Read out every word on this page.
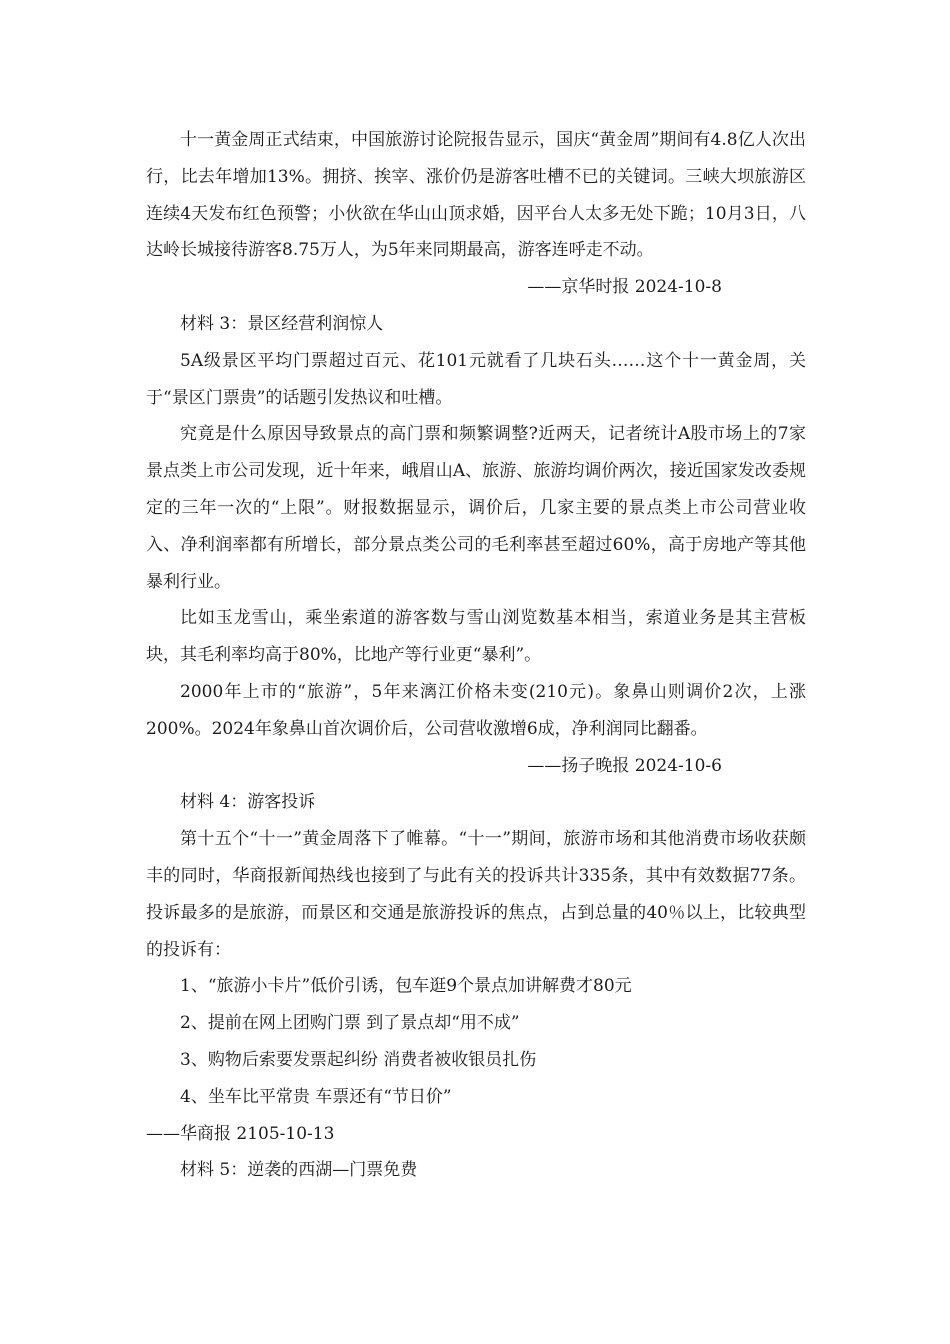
十一黄金周正式结束，中国旅游讨论院报告显示，国庆“黄金周”期间有4.8亿人次出行，比去年增加13%。拥挤、挨宰、涨价仍是游客吐槽不已的关键词。三峡大坝旅游区连续4天发布红色预警；小伙欲在华山山顶求婚，因平台人太多无处下跪；10月3日，八达岭长城接待游客8.75万人，为5年来同期最高，游客连呼走不动。

——京华时报 2024-10-8

材料 3：景区经营利润惊人

5A级景区平均门票超过百元、花101元就看了几块石头……这个十一黄金周，关于“景区门票贵”的话题引发热议和吐槽。

究竟是什么原因导致景点的高门票和频繁调整?近两天，记者统计A股市场上的7家景点类上市公司发现，近十年来，峨眉山A、旅游、旅游均调价两次，接近国家发改委规定的三年一次的“上限”。财报数据显示，调价后，几家主要的景点类上市公司营业收入、净利润率都有所增长，部分景点类公司的毛利率甚至超过60%，高于房地产等其他暴利行业。

比如玉龙雪山，乘坐索道的游客数与雪山浏览数基本相当，索道业务是其主营板块，其毛利率均高于80%，比地产等行业更“暴利”。

2000年上市的“旅游”，5年来漓江价格未变(210元)。象鼻山则调价2次，上涨200%。2024年象鼻山首次调价后，公司营收激增6成，净利润同比翻番。

——扬子晚报 2024-10-6

材料 4：游客投诉

第十五个“十一”黄金周落下了帷幕。“十一”期间，旅游市场和其他消费市场收获颇丰的同时，华商报新闻热线也接到了与此有关的投诉共计335条，其中有效数据77条。投诉最多的是旅游，而景区和交通是旅游投诉的焦点，占到总量的40％以上，比较典型的投诉有：

1、“旅游小卡片”低价引诱，包车逛9个景点加讲解费才80元

2、提前在网上团购门票 到了景点却“用不成”

3、购物后索要发票起纠纷 消费者被收银员扎伤

4、坐车比平常贵 车票还有“节日价”

——华商报 2105-10-13

材料 5：逆袭的西湖—门票免费
